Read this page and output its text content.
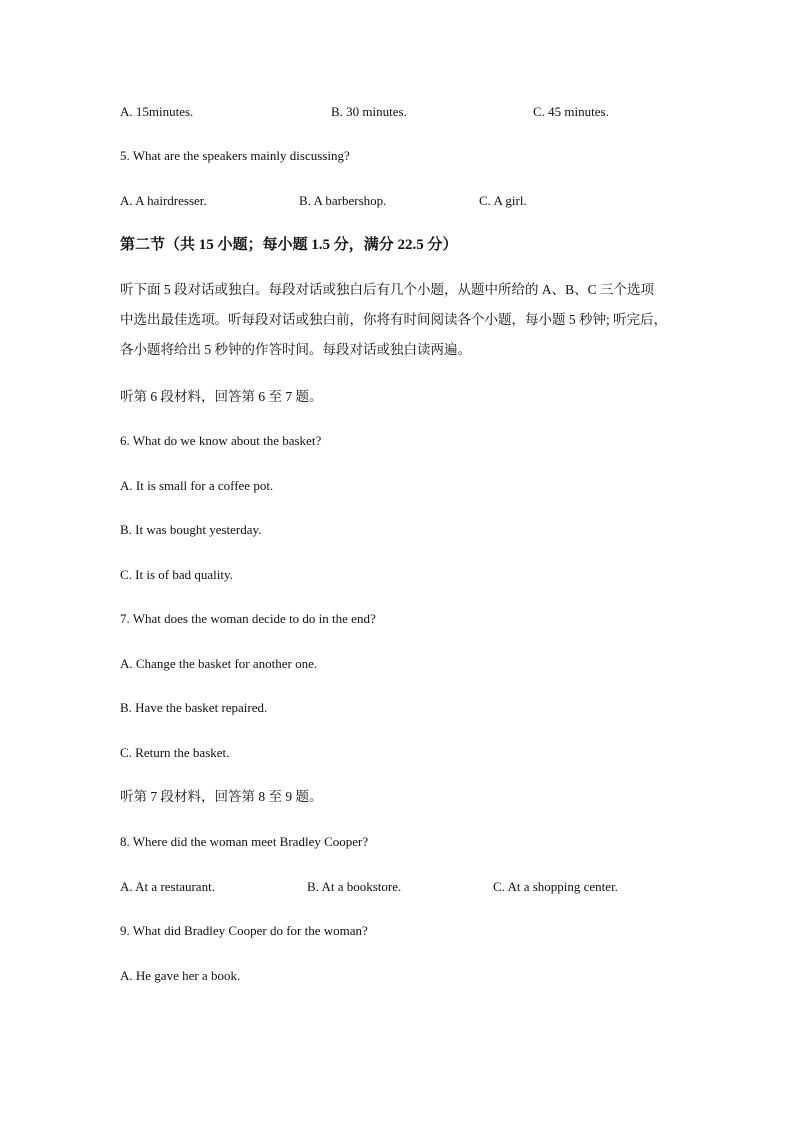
A. 15minutes.	B. 30 minutes.	C. 45 minutes.
5. What are the speakers mainly discussing?
A. A hairdresser.	B. A barbershop.	C. A girl.
第二节（共 15 小题；每小题 1.5 分，满分 22.5 分）
听下面 5 段对话或独白。每段对话或独白后有几个小题，从题中所给的 A、B、C 三个选项
中选出最佳选项。听每段对话或独白前，你将有时间阅读各个小题，每小题 5 秒钟; 听完后，
各小题将给出 5 秒钟的作答时间。每段对话或独白读两遍。
听第 6 段材料，回答第 6 至 7 题。
6. What do we know about the basket?
A. It is small for a coffee pot.
B. It was bought yesterday.
C. It is of bad quality.
7. What does the woman decide to do in the end?
A. Change the basket for another one.
B. Have the basket repaired.
C. Return the basket.
听第 7 段材料，回答第 8 至 9 题。
8. Where did the woman meet Bradley Cooper?
A. At a restaurant.	B. At a bookstore.	C. At a shopping center.
9. What did Bradley Cooper do for the woman?
A. He gave her a book.
